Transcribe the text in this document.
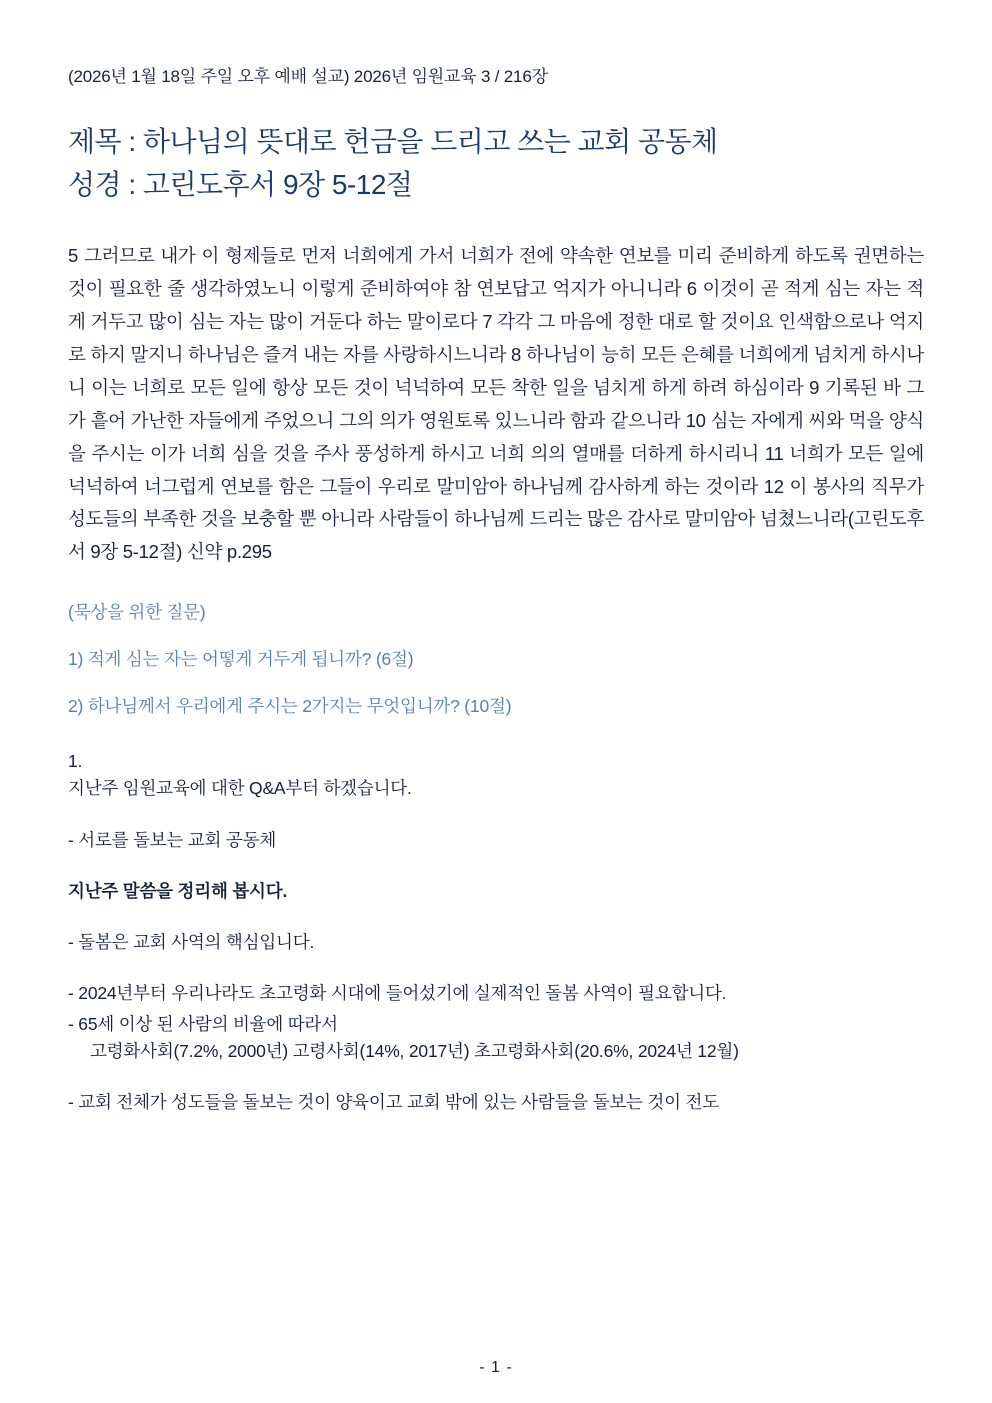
(2026년 1월 18일 주일 오후 예배 설교) 2026년 임원교육 3 / 216장
제목 : 하나님의 뜻대로 헌금을 드리고 쓰는 교회 공동체
성경 : 고린도후서 9장 5-12절
5 그러므로 내가 이 형제들로 먼저 너희에게 가서 너희가 전에 약속한 연보를 미리 준비하게 하도록 권면하는 것이 필요한 줄 생각하였노니 이렇게 준비하여야 참 연보답고 억지가 아니니라 6 이것이 곧 적게 심는 자는 적게 거두고 많이 심는 자는 많이 거둔다 하는 말이로다 7 각각 그 마음에 정한 대로 할 것이요 인색함으로나 억지로 하지 말지니 하나님은 즐겨 내는 자를 사랑하시느니라 8 하나님이 능히 모든 은혜를 너희에게 넘치게 하시나니 이는 너희로 모든 일에 항상 모든 것이 넉넉하여 모든 착한 일을 넘치게 하게 하려 하심이라 9 기록된 바 그가 흩어 가난한 자들에게 주었으니 그의 의가 영원토록 있느니라 함과 같으니라 10 심는 자에게 씨와 먹을 양식을 주시는 이가 너희 심을 것을 주사 풍성하게 하시고 너희 의의 열매를 더하게 하시리니 11 너희가 모든 일에 넉넉하여 너그럽게 연보를 함은 그들이 우리로 말미암아 하나님께 감사하게 하는 것이라 12 이 봉사의 직무가 성도들의 부족한 것을 보충할 뿐 아니라 사람들이 하나님께 드리는 많은 감사로 말미암아 넘쳤느니라(고린도후서 9장 5-12절) 신약 p.295
(묵상을 위한 질문)
1) 적게 심는 자는 어떻게 거두게 됩니까? (6절)
2) 하나님께서 우리에게 주시는 2가지는 무엇입니까? (10절)
1.
지난주 임원교육에 대한 Q&A부터 하겠습니다.
- 서로를 돌보는 교회 공동체
지난주 말씀을 정리해 봅시다.
- 돌봄은 교회 사역의 핵심입니다.
- 2024년부터 우리나라도 초고령화 시대에 들어섰기에 실제적인 돌봄 사역이 필요합니다.
- 65세 이상 된 사람의 비율에 따라서
고령화사회(7.2%, 2000년) 고령사회(14%, 2017년) 초고령화사회(20.6%, 2024년 12월)
- 교회 전체가 성도들을 돌보는 것이 양육이고 교회 밖에 있는 사람들을 돌보는 것이 전도
- 1 -
